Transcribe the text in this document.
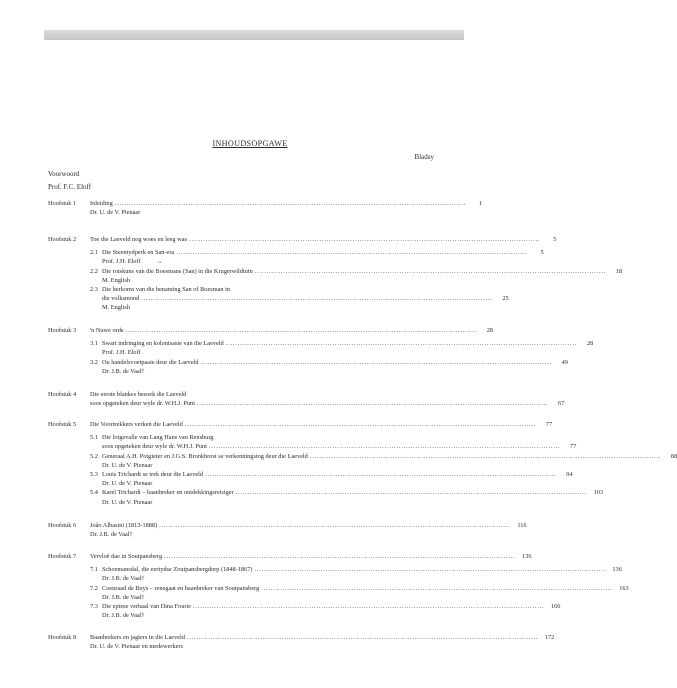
INHOUDSOPGAWE
Bladsy
Voorwoord
Prof. F.C. Eloff
••
Hoofstuk 1	Inleiding ....................................................................................................................................................	1
Dr. U. de V. Pienaar
Hoofstuk 2	Toe die Laeveld nog woes en leeg was ....................................................................................................................................................	5
2.1 Die Steentydperk en San-era ....................................................................................................................................................	5
Prof. J.H. Eloff
2.2 Die rotskuns van die Boesmans (San) in die Krugerwildtuin ....................................................................................................................................................	18
M. English
2.3 Die herkoms van die benaming San of Boesman in
die volksmond ....................................................................................................................................................	25
M. English
Hoofstuk 3	'n Nuwe orde ....................................................................................................................................................	28
3.1 Swart indringing en kolonisasie van die Laeveld ....................................................................................................................................................	28
Prof. J.H. Eloff
3.2 Ou handelsvoetpaaie deur die Laeveld ....................................................................................................................................................	49
Dr. J.B. de Vaal†
Hoofstuk 4	Die eerste blankes besoek die Laeveld
soos opgeteken deur wyle dr. W.H.J. Punt ....................................................................................................................................................	67
Hoofstuk 5	Die Voortrekkers verken die Laeveld ....................................................................................................................................................	77
5.1 Die lotgevalle van Lang Hans van Rensburg
soos opgeteken deur wyle dr. W.H.J. Punt ....................................................................................................................................................	77
5.2 Generaal A.H. Potgieter en J.G.S. Bronkhorst se verkenningstog deur die Laeveld ....................................................................................................................................................	88
Dr. U. de V. Pienaar
5.3 Louis Trichardt se trek deur die Laeveld ....................................................................................................................................................	94
Dr. U. de V. Pienaar
5.4 Karel Trichardt – baanbreker en ontdekkingsreisiger ....................................................................................................................................................	103
Dr. U. de V. Pienaar
Hoofstuk 6	João Albasini (1813-1888) ....................................................................................................................................................	116
Dr. J.B. de Vaal†
Hoofstuk 7	Vervloë dae in Soutpansberg ....................................................................................................................................................	136
7.1 Schoemansdal, die eertydse Zoutpansbergdorp (1848-1867) ....................................................................................................................................................	136
Dr. J.B. de Vaal†
7.2 Coenraad de Buys – renegaat en baanbreker van Soutpansberg ....................................................................................................................................................	163
Dr. J.B. de Vaal†
7.3 Die epiese verhaal van Dina Fourie ....................................................................................................................................................	166
Dr. J.B. de Vaal†
Hoofstuk 8	Baanbrekers en jagters in die Laeveld ....................................................................................................................................................	172
Dr. U. de V. Pienaar en medewerkers
